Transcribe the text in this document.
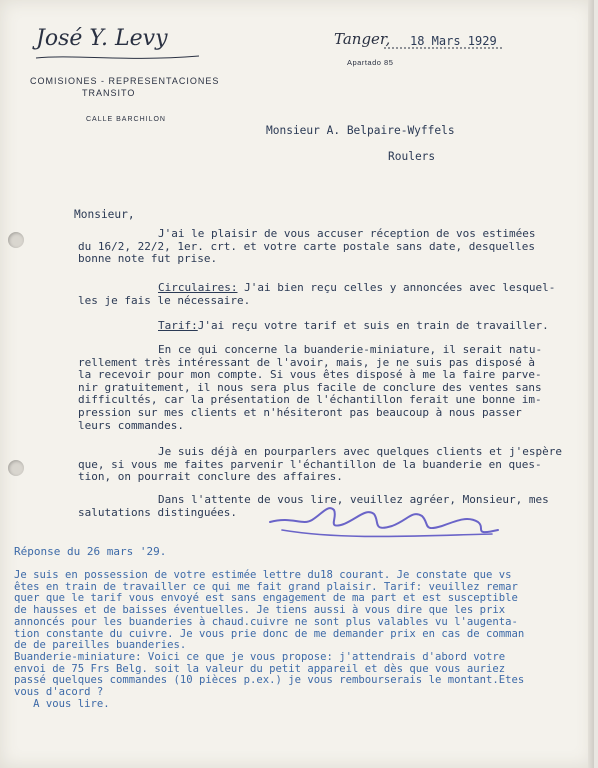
José Y. Levy
COMISIONES - REPRESENTACIONES
TRANSITO
CALLE BARCHILON
Tanger, 18 Mars 1929
Apartado 85
Monsieur A. Belpaire-Wyffels
Roulers
Monsieur,
J'ai le plaisir de vous accuser réception de vos estimées
du 16/2, 22/2, 1er. crt. et votre carte postale sans date, desquelles
bonne note fut prise.
Circulaires: J'ai bien reçu celles y annoncées avec lesquel-
les je fais le nécessaire.
Tarif:J'ai reçu votre tarif et suis en train de travailler.
En ce qui concerne la buanderie-miniature, il serait natu-
rellement très intéressant de l'avoir, mais, je ne suis pas disposé à
la recevoir pour mon compte. Si vous êtes disposé à me la faire parve-
nir gratuitement, il nous sera plus facile de conclure des ventes sans
difficultés, car la présentation de l'échantillon ferait une bonne im-
pression sur mes clients et n'hésiteront pas beaucoup à nous passer
leurs commandes.
Je suis déjà en pourparlers avec quelques clients et j'espère
que, si vous me faites parvenir l'échantillon de la buanderie en ques-
tion, on pourrait conclure des affaires.
Dans l'attente de vous lire, veuillez agréer, Monsieur, mes
salutations distinguées.
Réponse du 26 mars '29.
Je suis en possession de votre estimée lettre du18 courant. Je constate que vs
êtes en train de travailler ce qui me fait grand plaisir. Tarif: veuillez remar
quer que le tarif vous envoyé est sans engagement de ma part et est susceptible
de hausses et de baisses éventuelles. Je tiens aussi à vous dire que les prix
annoncés pour les buanderies à chaud.cuivre ne sont plus valables vu l'augenta-
tion constante du cuivre. Je vous prie donc de me demander prix en cas de comman
de de pareilles buanderies.
Buanderie-miniature: Voici ce que je vous propose: j'attendrais d'abord votre
envoi de 75 Frs Belg. soit la valeur du petit appareil et dès que vous auriez
passé quelques commandes (10 pièces p.ex.) je vous rembourserais le montant.Etes
vous d'acord ?
A vous lire.
